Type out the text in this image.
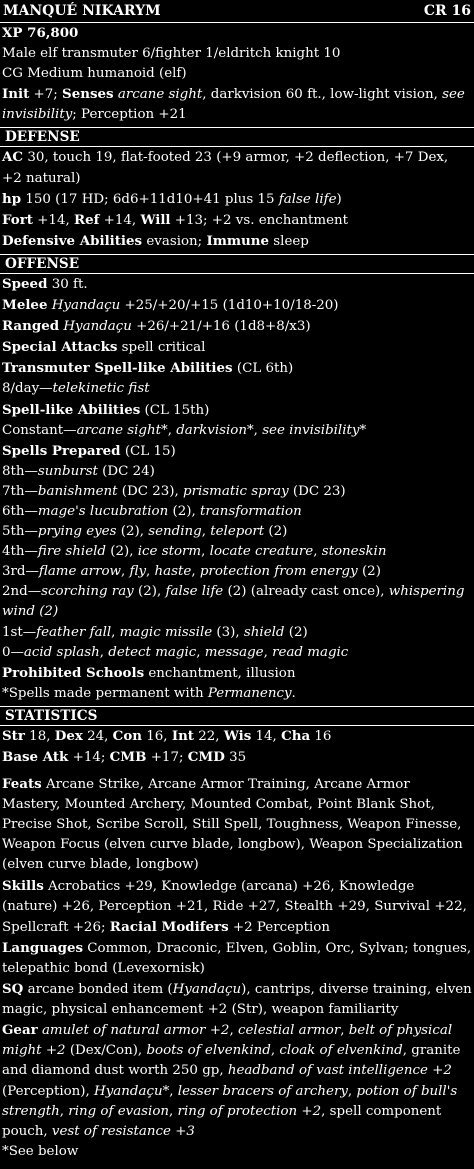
MANQUÉ NIKARYM	CR 16
XP 76,800
Male elf transmuter 6/fighter 1/eldritch knight 10
CG Medium humanoid (elf)
Init +7; Senses arcane sight, darkvision 60 ft., low-light vision, see invisibility; Perception +21
DEFENSE
AC 30, touch 19, flat-footed 23 (+9 armor, +2 deflection, +7 Dex, +2 natural)
hp 150 (17 HD; 6d6+11d10+41 plus 15 false life)
Fort +14, Ref +14, Will +13; +2 vs. enchantment
Defensive Abilities evasion; Immune sleep
OFFENSE
Speed 30 ft.
Melee Hyandaçu +25/+20/+15 (1d10+10/18-20)
Ranged Hyandaçu +26/+21/+16 (1d8+8/x3)
Special Attacks spell critical
Transmuter Spell-like Abilities (CL 6th)
8/day—telekinetic fist
Spell-like Abilities (CL 15th)
Constant—arcane sight*, darkvision*, see invisibility*
Spells Prepared (CL 15)
8th—sunburst (DC 24)
7th—banishment (DC 23), prismatic spray (DC 23)
6th—mage's lucubration (2), transformation
5th—prying eyes (2), sending, teleport (2)
4th—fire shield (2), ice storm, locate creature, stoneskin
3rd—flame arrow, fly, haste, protection from energy (2)
2nd—scorching ray (2), false life (2) (already cast once), whispering wind (2)
1st—feather fall, magic missile (3), shield (2)
0—acid splash, detect magic, message, read magic
Prohibited Schools enchantment, illusion
*Spells made permanent with Permanency.
STATISTICS
Str 18, Dex 24, Con 16, Int 22, Wis 14, Cha 16
Base Atk +14; CMB +17; CMD 35
Feats Arcane Strike, Arcane Armor Training, Arcane Armor Mastery, Mounted Archery, Mounted Combat, Point Blank Shot, Precise Shot, Scribe Scroll, Still Spell, Toughness, Weapon Finesse, Weapon Focus (elven curve blade, longbow), Weapon Specialization (elven curve blade, longbow)
Skills Acrobatics +29, Knowledge (arcana) +26, Knowledge (nature) +26, Perception +21, Ride +27, Stealth +29, Survival +22, Spellcraft +26; Racial Modifers +2 Perception
Languages Common, Draconic, Elven, Goblin, Orc, Sylvan; tongues, telepathic bond (Levexornisk)
SQ arcane bonded item (Hyandaçu), cantrips, diverse training, elven magic, physical enhancement +2 (Str), weapon familiarity
Gear amulet of natural armor +2, celestial armor, belt of physical might +2 (Dex/Con), boots of elvenkind, cloak of elvenkind, granite and diamond dust worth 250 gp, headband of vast intelligence +2 (Perception), Hyandaçu*, lesser bracers of archery, potion of bull's strength, ring of evasion, ring of protection +2, spell component pouch, vest of resistance +3
*See below
